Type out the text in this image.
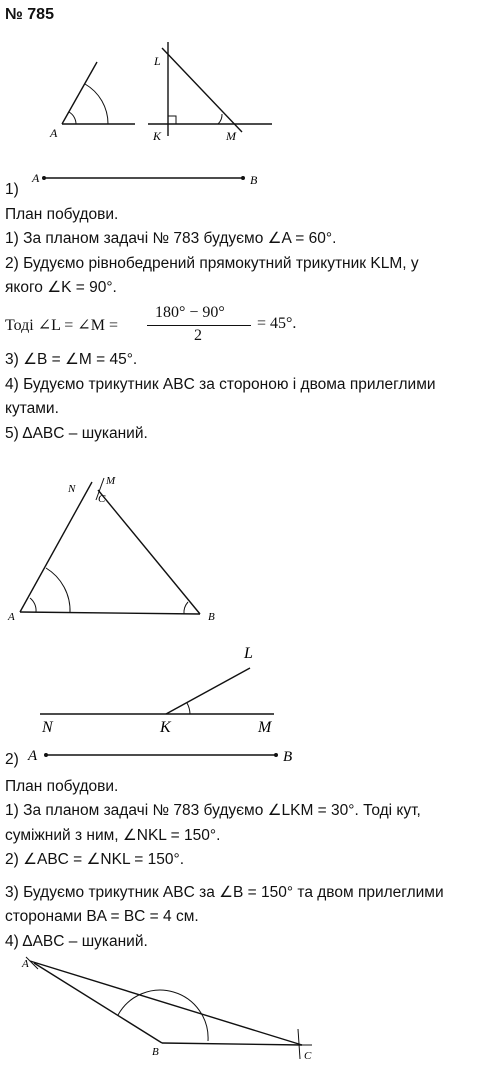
№ 785
A
L
K	M
1)
A	B
План побудови.
1) За планом задачі № 783 будуємо ∠A = 60°.
2) Будуємо рівнобедрений прямокутний трикутник KLM, у
якого ∠K = 90°.
Тоді ∠L = ∠M =
180° − 90°
2
= 45°.
3) ∠B = ∠M = 45°.
4) Будуємо трикутник ABC за стороною і двома прилеглими
кутами.
5) ΔABC – шуканий.
N
M
C
A	B
L
N	K	M
2) A	B
План побудови.
1) За планом задачі № 783 будуємо ∠LKM = 30°. Тоді кут,
суміжний з ним, ∠NKL = 150°.
2) ∠ABC = ∠NKL = 150°.
3) Будуємо трикутник ABC за ∠B = 150° та двом прилеглими
сторонами BA = BC = 4 см.
4) ΔABC – шуканий.
A
B	C
